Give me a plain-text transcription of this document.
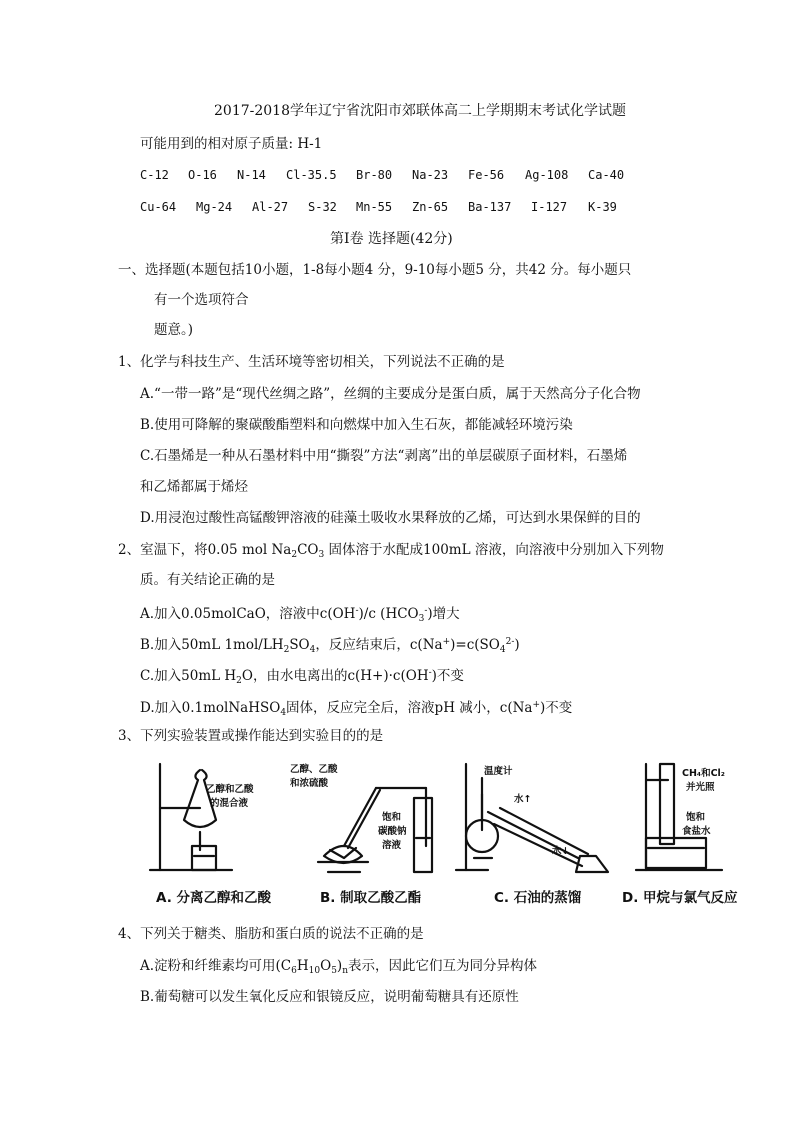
2017-2018学年辽宁省沈阳市郊联体高二上学期期末考试化学试题
可能用到的相对原子质量: H-1
C-12 O-16 N-14 Cl-35.5 Br-80 Na-23 Fe-56 Ag-108 Ca-40
Cu-64 Mg-24 Al-27 S-32 Mn-55 Zn-65 Ba-137 I-127 K-39
第Ⅰ卷 选择题(42分)
一、选择题(本题包括10小题，1-8每小题4 分，9-10每小题5 分，共42 分。每小题只
有一个选项符合
题意。)
1、化学与科技生产、生活环境等密切相关，下列说法不正确的是
A.“一带一路”是“现代丝绸之路”，丝绸的主要成分是蛋白质，属于天然高分子化合物
B.使用可降解的聚碳酸酯塑料和向燃煤中加入生石灰，都能减轻环境污染
C.石墨烯是一种从石墨材料中用“撕裂”方法“剥离”出的单层碳原子面材料，石墨烯
和乙烯都属于烯烃
D.用浸泡过酸性高锰酸钾溶液的硅藻土吸收水果释放的乙烯，可达到水果保鲜的目的
2、室温下，将0.05 mol $Na_2CO_3$ 固体溶于水配成100mL 溶液，向溶液中分别加入下列物
质。有关结论正确的是
A.加入0.05molCaO，溶液中c(OH-)/c $(HCO_3^-)$增大
B.加入50mL $1mol/LH_2SO_4$，反应结束后，$c(Na^+)=c(SO_4^{2-})$
C.加入50mL $H_2O$，由水电离出的c(H+)·c(OH-)不变
D.加入0.1molNaHSO$_4$固体，反应完全后，溶液pH 减小，c(Na+)不变
3、下列实验装置或操作能达到实验目的的是
乙醇和乙酸
的混合液
乙醇、乙酸
和浓硫酸
饱和
碳酸钠
溶液
温度计
水↑
水↓
CH₄和Cl₂
并光照
饱和
食盐水
A. 分离乙醇和乙酸	B. 制取乙酸乙酯	C. 石油的蒸馏	D. 甲烷与氯气反应
4、下列关于糖类、脂肪和蛋白质的说法不正确的是
A.淀粉和纤维素均可用$(C_6H_{10}O_5)_n$表示，因此它们互为同分异构体
B.葡萄糖可以发生氧化反应和银镜反应，说明葡萄糖具有还原性
